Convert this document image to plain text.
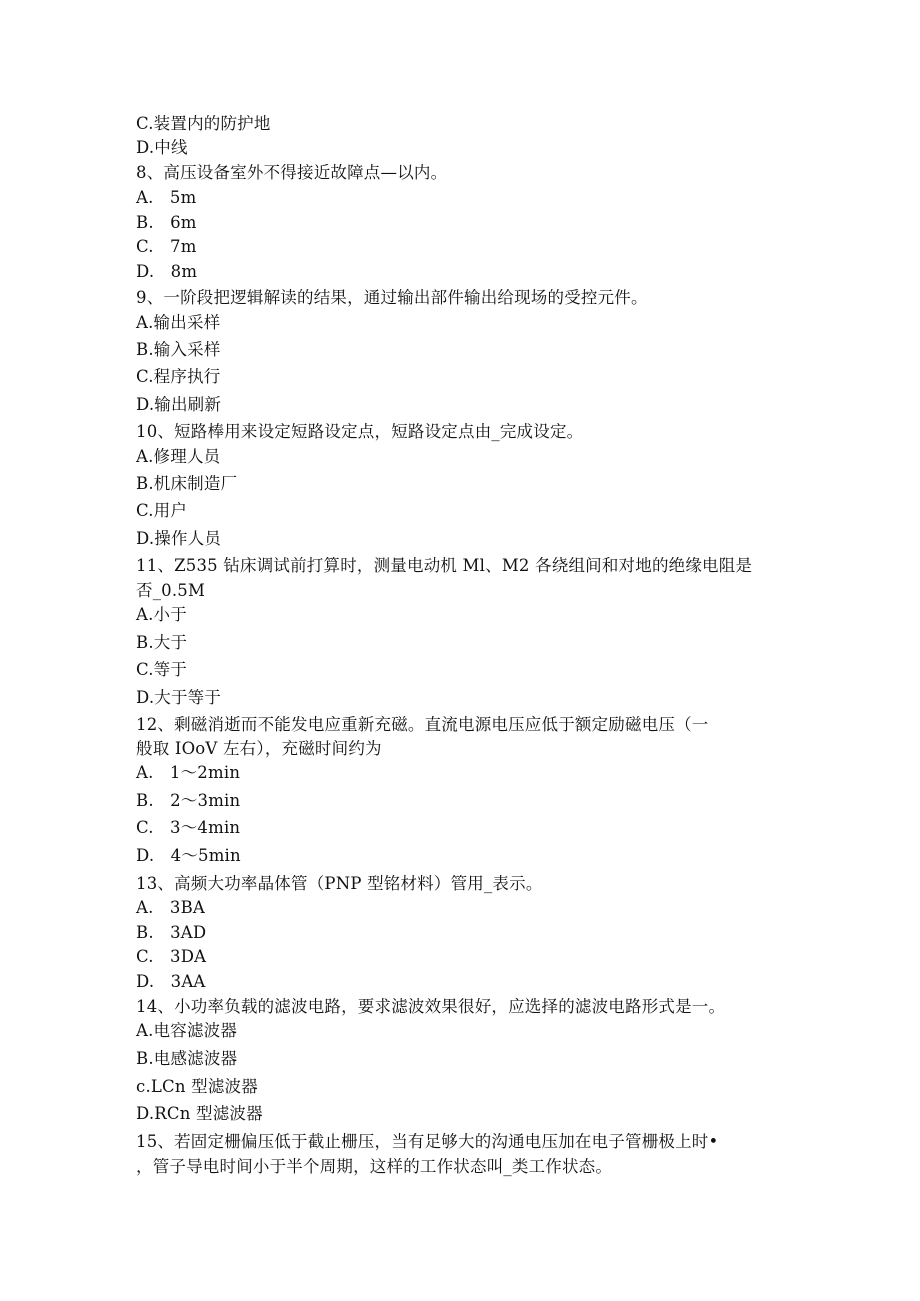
C.装置内的防护地
D.中线
8、高压设备室外不得接近故障点—以内。
A.   5m
B.   6m
C.   7m
D.   8m
9、一阶段把逻辑解读的结果，通过输出部件输出给现场的受控元件。
A.输出采样
B.输入采样
C.程序执行
D.输出刷新
10、短路棒用来设定短路设定点，短路设定点由_完成设定。
A.修理人员
B.机床制造厂
C.用户
D.操作人员
11、Z535 钻床调试前打算时，测量电动机 Ml、M2 各绕组间和对地的绝缘电阻是
否_0.5M
A.小于
B.大于
C.等于
D.大于等于
12、剩磁消逝而不能发电应重新充磁。直流电源电压应低于额定励磁电压（一
般取 IOoV 左右），充磁时间约为
A.   1～2min
B.   2～3min
C.   3～4min
D.   4～5min
13、高频大功率晶体管（PNP 型铭材料）管用_表示。
A.   3BA
B.   3AD
C.   3DA
D.   3AA
14、小功率负载的滤波电路，要求滤波效果很好，应选择的滤波电路形式是一。
A.电容滤波器
B.电感滤波器
c.LCn 型滤波器
D.RCn 型滤波器
15、若固定栅偏压低于截止栅压，当有足够大的沟通电压加在电子管栅极上时•
，管子导电时间小于半个周期，这样的工作状态叫_类工作状态。
